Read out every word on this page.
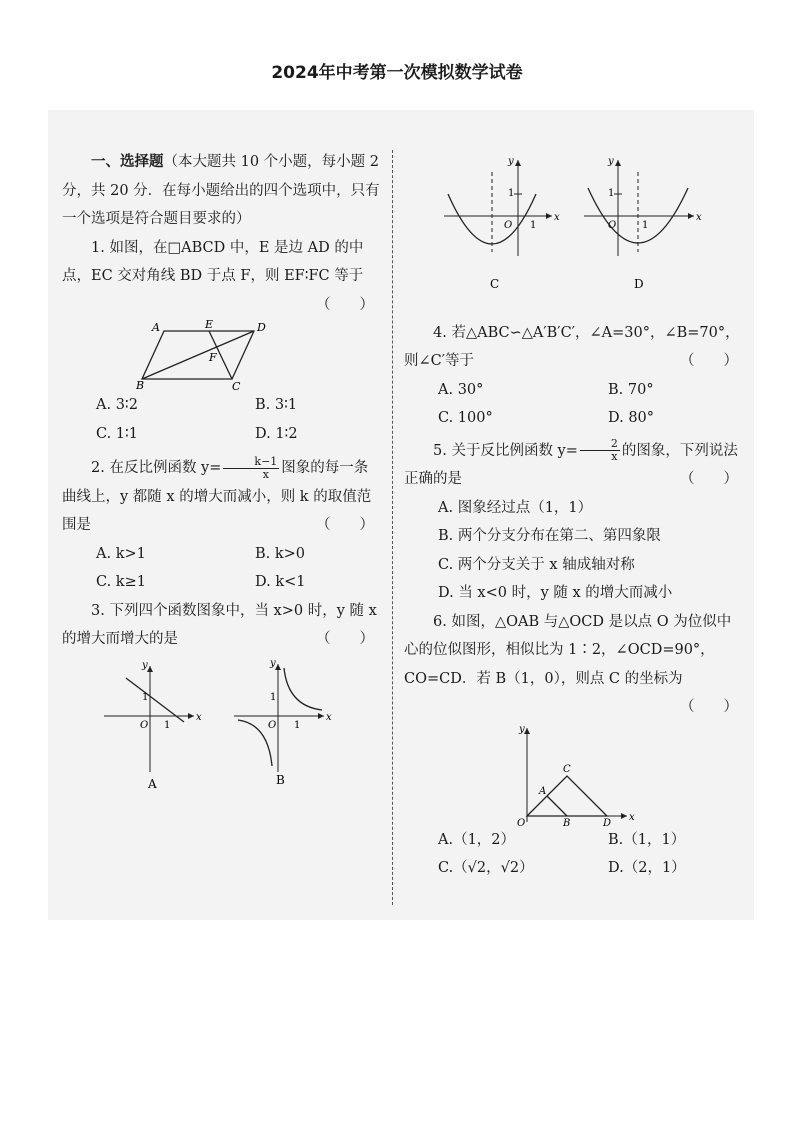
2024年中考第一次模拟数学试卷

一、选择题（本大题共 10 个小题，每小题 2 分，共 20 分．在每小题给出的四个选项中，只有一个选项是符合题目要求的）

1. 如图，在□ABCD 中，E 是边 AD 的中点，EC 交对角线 BD 于点 F，则 EF∶FC 等于
（　　）

A	E	D
F
B	C
A. 3∶2	B. 3∶1
C. 1∶1	D. 1∶2

2. 在反比例函数 $y= \frac{k-1}{x}$ 图象的每一条曲线上，y 都随 x 的增大而减小，则 k 的取值范围是	（　　）

A. k>1	B. k>0
C. k≥1	D. k<1

3. 下列四个函数图象中，当 x>0 时，y 随 x 的增大而增大的是	（　　）

x
y
O
1
1
A
x
y
O
1
1
B
x
y
O
1
1
C
x
y
O
1
1
D

4. 若△ABC∽△A′B′C′，∠A=30°，∠B=70°，则∠C′等于	（　　）

A. 30°	B. 70°
C. 100°	D. 80°

5. 关于反比例函数 $y= \frac{2}{x}$ 的图象，下列说法正确的是	（　　）

A. 图象经过点（1，1）
B. 两个分支分布在第二、第四象限
C. 两个分支关于 x 轴成轴对称
D. 当 x<0 时，y 随 x 的增大而减小

6. 如图，△OAB 与△OCD 是以点 O 为位似中心的位似图形，相似比为 1∶2，∠OCD=90°，CO=CD．若 B（1，0），则点 C 的坐标为
（　　）

y
C
A
O	B	D
x
A.（1，2）	B.（1，1）
C.（√2，√2）	D.（2，1）
